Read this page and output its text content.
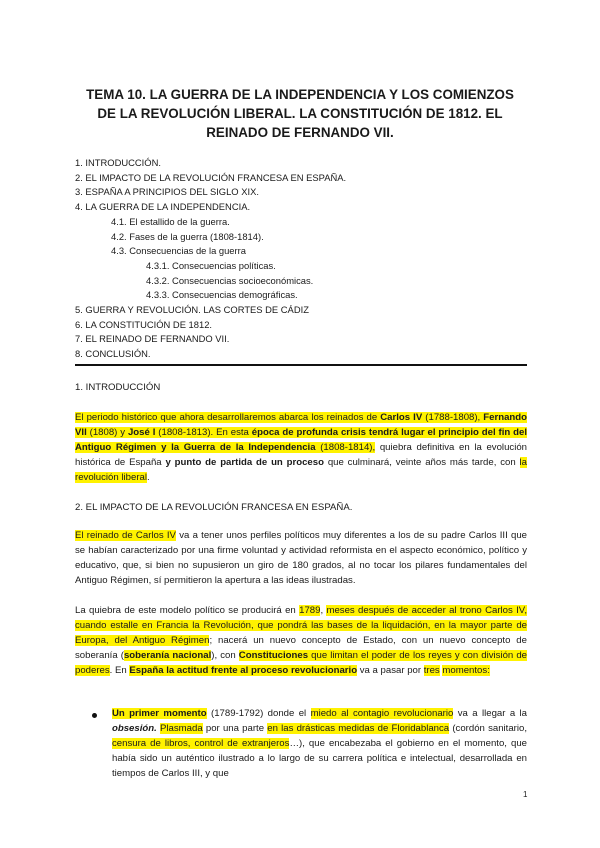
TEMA 10. LA GUERRA DE LA INDEPENDENCIA Y LOS COMIENZOS DE LA REVOLUCIÓN LIBERAL. LA CONSTITUCIÓN DE 1812. EL REINADO DE FERNANDO VII.
1. INTRODUCCIÓN.
2. EL IMPACTO DE LA REVOLUCIÓN FRANCESA EN ESPAÑA.
3. ESPAÑA A PRINCIPIOS DEL SIGLO XIX.
4. LA GUERRA DE LA INDEPENDENCIA.
4.1. El estallido de la guerra.
4.2. Fases de la guerra (1808-1814).
4.3. Consecuencias de la guerra
4.3.1. Consecuencias políticas.
4.3.2. Consecuencias socioeconómicas.
4.3.3. Consecuencias demográficas.
5. GUERRA Y REVOLUCIÓN. LAS CORTES DE CÁDIZ
6. LA CONSTITUCIÓN DE 1812.
7. EL REINADO DE FERNANDO VII.
8. CONCLUSIÓN.

1. INTRODUCCIÓN

El periodo histórico que ahora desarrollaremos abarca los reinados de Carlos IV (1788-1808), Fernando VII (1808) y José I (1808-1813). En esta época de profunda crisis tendrá lugar el principio del fin del Antiguo Régimen y la Guerra de la Independencia (1808-1814), quiebra definitiva en la evolución histórica de España y punto de partida de un proceso que culminará, veinte años más tarde, con la revolución liberal.

2. EL IMPACTO DE LA REVOLUCIÓN FRANCESA EN ESPAÑA.

El reinado de Carlos IV va a tener unos perfiles políticos muy diferentes a los de su padre Carlos III que se habían caracterizado por una firme voluntad y actividad reformista en el aspecto económico, político y educativo, que, si bien no supusieron un giro de 180 grados, al no tocar los pilares fundamentales del Antiguo Régimen, sí permitieron la apertura a las ideas ilustradas.

La quiebra de este modelo político se producirá en 1789, meses después de acceder al trono Carlos IV, cuando estalle en Francia la Revolución, que pondrá las bases de la liquidación, en la mayor parte de Europa, del Antiguo Régimen; nacerá un nuevo concepto de Estado, con un nuevo concepto de soberanía (soberanía nacional), con Constituciones que limitan el poder de los reyes y con división de poderes. En España la actitud frente al proceso revolucionario va a pasar por tres momentos:

Un primer momento (1789-1792) donde el miedo al contagio revolucionario va a llegar a la obsesión. Plasmada por una parte en las drásticas medidas de Floridablanca (cordón sanitario, censura de libros, control de extranjeros…), que encabezaba el gobierno en el momento, que había sido un auténtico ilustrado a lo largo de su carrera política e intelectual, desarrollada en tiempos de Carlos III, y que

1
